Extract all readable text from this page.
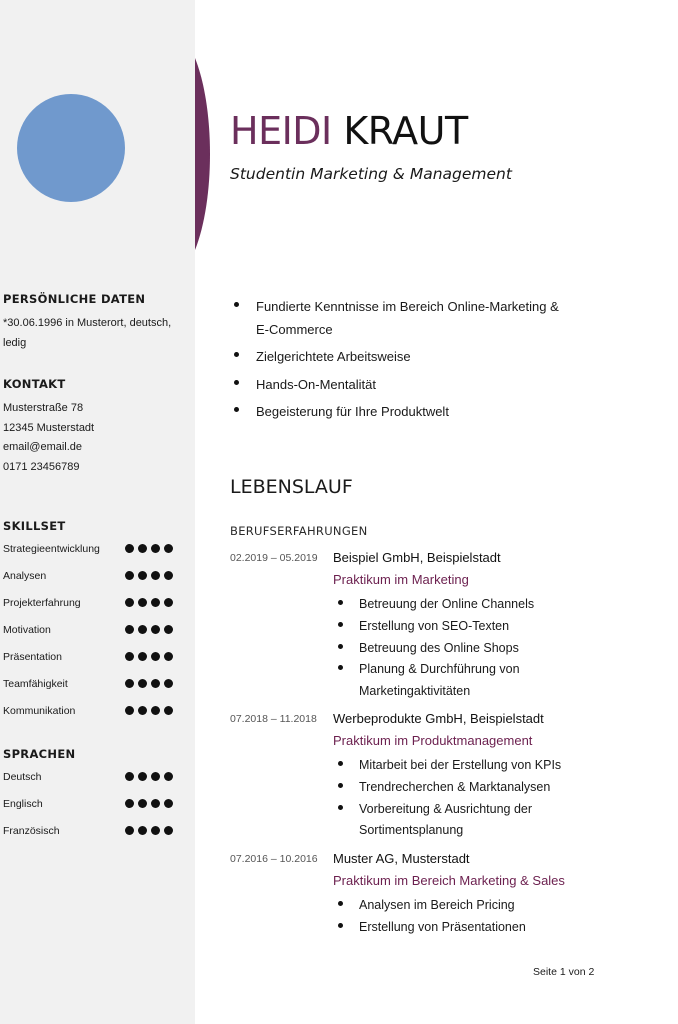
PERSÖNLICHE DATEN
*30.06.1996 in Musterort, deutsch,
ledig
KONTAKT
Musterstraße 78
12345 Musterstadt
email@email.de
0171 23456789
SKILLSET
Strategieentwicklung
Analysen
Projekterfahrung
Motivation
Präsentation
Teamfähigkeit
Kommunikation
SPRACHEN
Deutsch
Englisch
Französisch
HEIDI KRAUT
Studentin Marketing & Management
Fundierte Kenntnisse im Bereich Online-Marketing &
E-Commerce
Zielgerichtete Arbeitsweise
Hands-On-Mentalität
Begeisterung für Ihre Produktwelt
LEBENSLAUF
BERUFSERFAHRUNGEN
02.2019 – 05.2019 Beispiel GmbH, Beispielstadt
Praktikum im Marketing
Betreuung der Online Channels
Erstellung von SEO-Texten
Betreuung des Online Shops
Planung & Durchführung von
Marketingaktivitäten
07.2018 – 11.2018 Werbeprodukte GmbH, Beispielstadt
Praktikum im Produktmanagement
Mitarbeit bei der Erstellung von KPIs
Trendrecherchen & Marktanalysen
Vorbereitung & Ausrichtung der
Sortimentsplanung
07.2016 – 10.2016 Muster AG, Musterstadt
Praktikum im Bereich Marketing & Sales
Analysen im Bereich Pricing
Erstellung von Präsentationen
Seite 1 von 2
